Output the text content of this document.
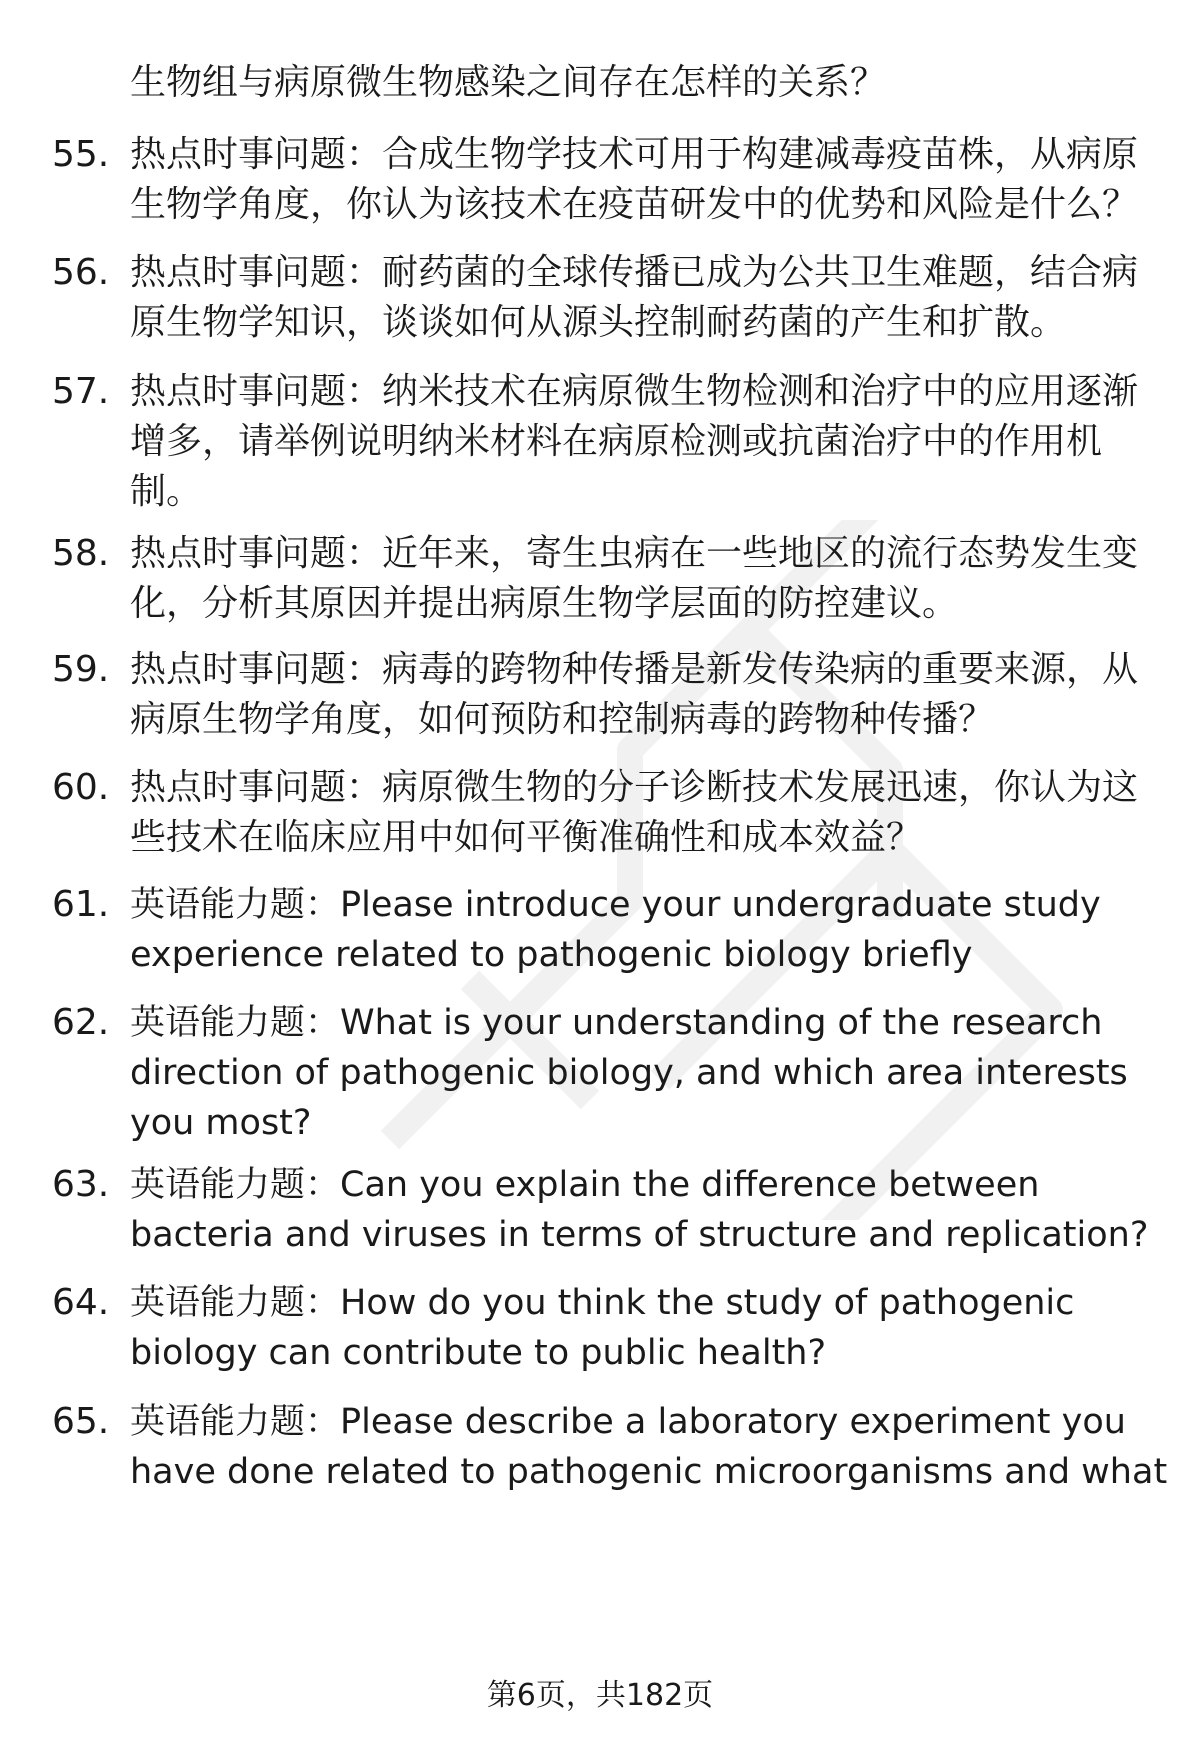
生物组与病原微生物感染之间存在怎样的关系？
55. 热点时事问题：合成生物学技术可用于构建减毒疫苗株，从病原
生物学角度，你认为该技术在疫苗研发中的优势和风险是什么？
56. 热点时事问题：耐药菌的全球传播已成为公共卫生难题，结合病
原生物学知识，谈谈如何从源头控制耐药菌的产生和扩散。
57. 热点时事问题：纳米技术在病原微生物检测和治疗中的应用逐渐
增多，请举例说明纳米材料在病原检测或抗菌治疗中的作用机
制。
58. 热点时事问题：近年来，寄生虫病在一些地区的流行态势发生变
化，分析其原因并提出病原生物学层面的防控建议。
59. 热点时事问题：病毒的跨物种传播是新发传染病的重要来源，从
病原生物学角度，如何预防和控制病毒的跨物种传播？
60. 热点时事问题：病原微生物的分子诊断技术发展迅速，你认为这
些技术在临床应用中如何平衡准确性和成本效益？
61. 英语能力题：Please introduce your undergraduate study
experience related to pathogenic biology briefly
62. 英语能力题：What is your understanding of the research
direction of pathogenic biology, and which area interests
you most?
63. 英语能力题：Can you explain the difference between
bacteria and viruses in terms of structure and replication?
64. 英语能力题：How do you think the study of pathogenic
biology can contribute to public health?
65. 英语能力题：Please describe a laboratory experiment you
have done related to pathogenic microorganisms and what
第6页，共182页
